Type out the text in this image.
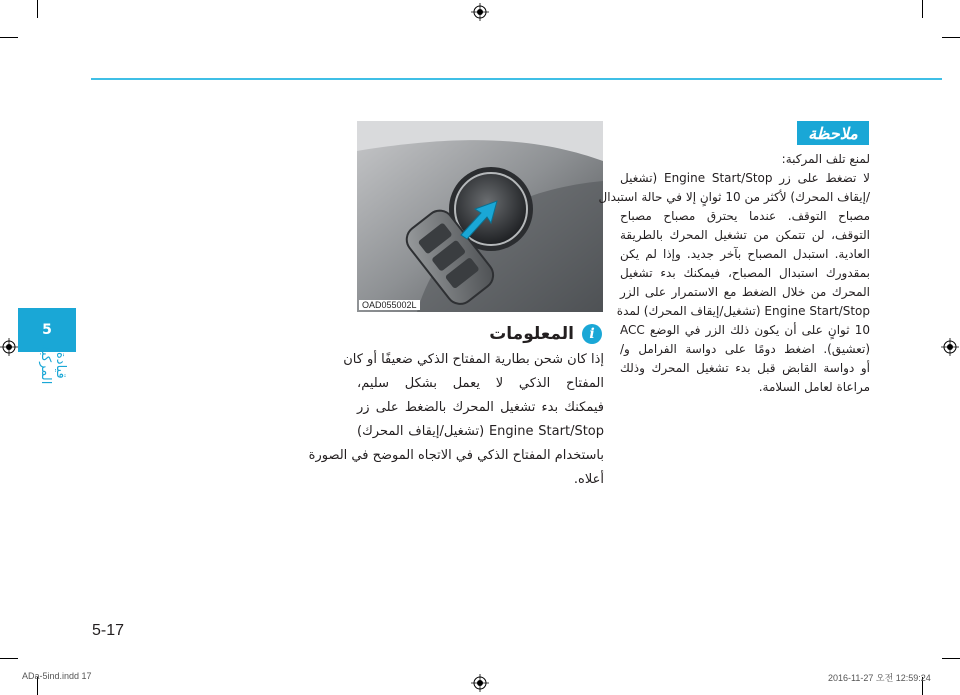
5
قيادة المركبة
OAD055002L
المعلومات	i
إذا كان شحن بطارية المفتاح الذكي ضعيفًا أو كان
المفتاح الذكي لا يعمل بشكل سليم،
فيمكنك بدء تشغيل المحرك بالضغط على زر
Engine Start/Stop (تشغيل/إيقاف المحرك)
باستخدام المفتاح الذكي في الاتجاه الموضح في الصورة
أعلاه.
ملاحظة
لمنع تلف المركبة:
لا تضغط على زر Engine Start/Stop (تشغيل
/إيقاف المحرك) لأكثر من 10 ثوانٍ إلا في حالة استبدال
مصباح التوقف. عندما يحترق مصباح مصباح
التوقف، لن تتمكن من تشغيل المحرك بالطريقة
العادية. استبدل المصباح بآخر جديد. وإذا لم يكن
بمقدورك استبدال المصباح، فيمكنك بدء تشغيل
المحرك من خلال الضغط مع الاستمرار على الزر
Engine Start/Stop (تشغيل/إيقاف المحرك) لمدة
10 ثوانٍ على أن يكون ذلك الزر في الوضع ACC
(تعشيق). اضغط دومًا على دواسة الفرامل و/
أو دواسة القابض قبل بدء تشغيل المحرك وذلك
مراعاة لعامل السلامة.
5-17
ADa-5ind.indd 17	2016-11-27 오전 12:59:24
